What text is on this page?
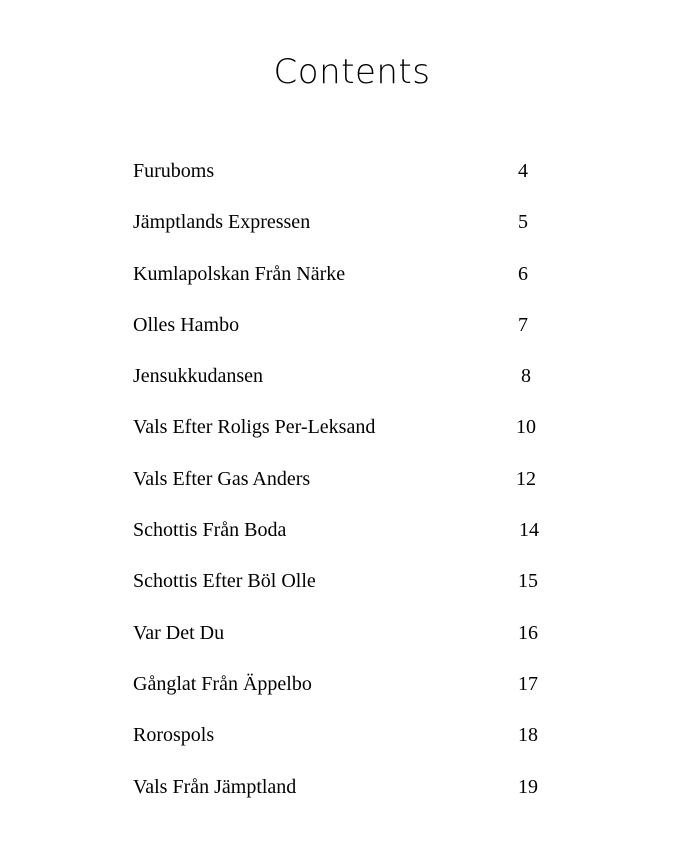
Contents
Furuboms	4
Jämptlands Expressen	5
Kumlapolskan Från Närke	6
Olles Hambo	7
Jensukkudansen	8
Vals Efter Roligs Per-Leksand	10
Vals Efter Gas Anders	12
Schottis Från Boda	14
Schottis Efter Böl Olle	15
Var Det Du	16
Gånglat Från Äppelbo	17
Rorospols	18
Vals Från Jämptland	19
